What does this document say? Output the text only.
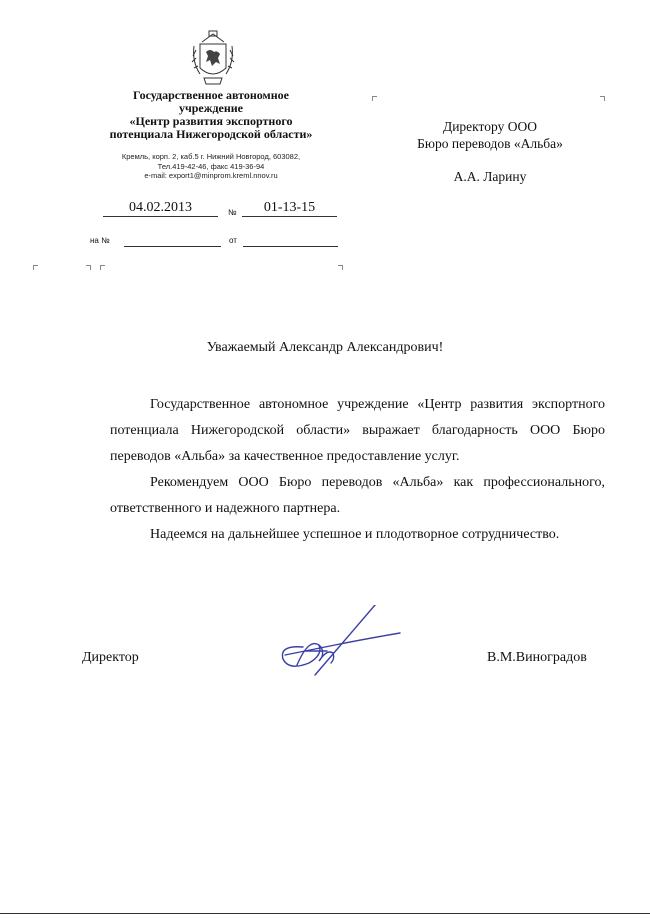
Государственное автономное
учреждение
«Центр развития экспортного
потенциала Нижегородской области»
Кремль, корп. 2, каб.5 г. Нижний Новгород, 603082,
Тел.419-42-46, факс 419-36-94
e-mail: export1@minprom.kreml.nnov.ru
04.02.2013	№	01-13-15
на №	от
Директору ООО
Бюро переводов «Альба»
А.А. Ларину
Уважаемый Александр Александрович!

Государственное автономное учреждение «Центр развития экспортного потенциала Нижегородской области» выражает благодарность ООО Бюро переводов «Альба» за качественное предоставление услуг.

Рекомендуем ООО Бюро переводов «Альба» как профессионального, ответственного и надежного партнера.

Надеемся на дальнейшее успешное и плодотворное сотрудничество.

Директор	В.М.Виноградов
